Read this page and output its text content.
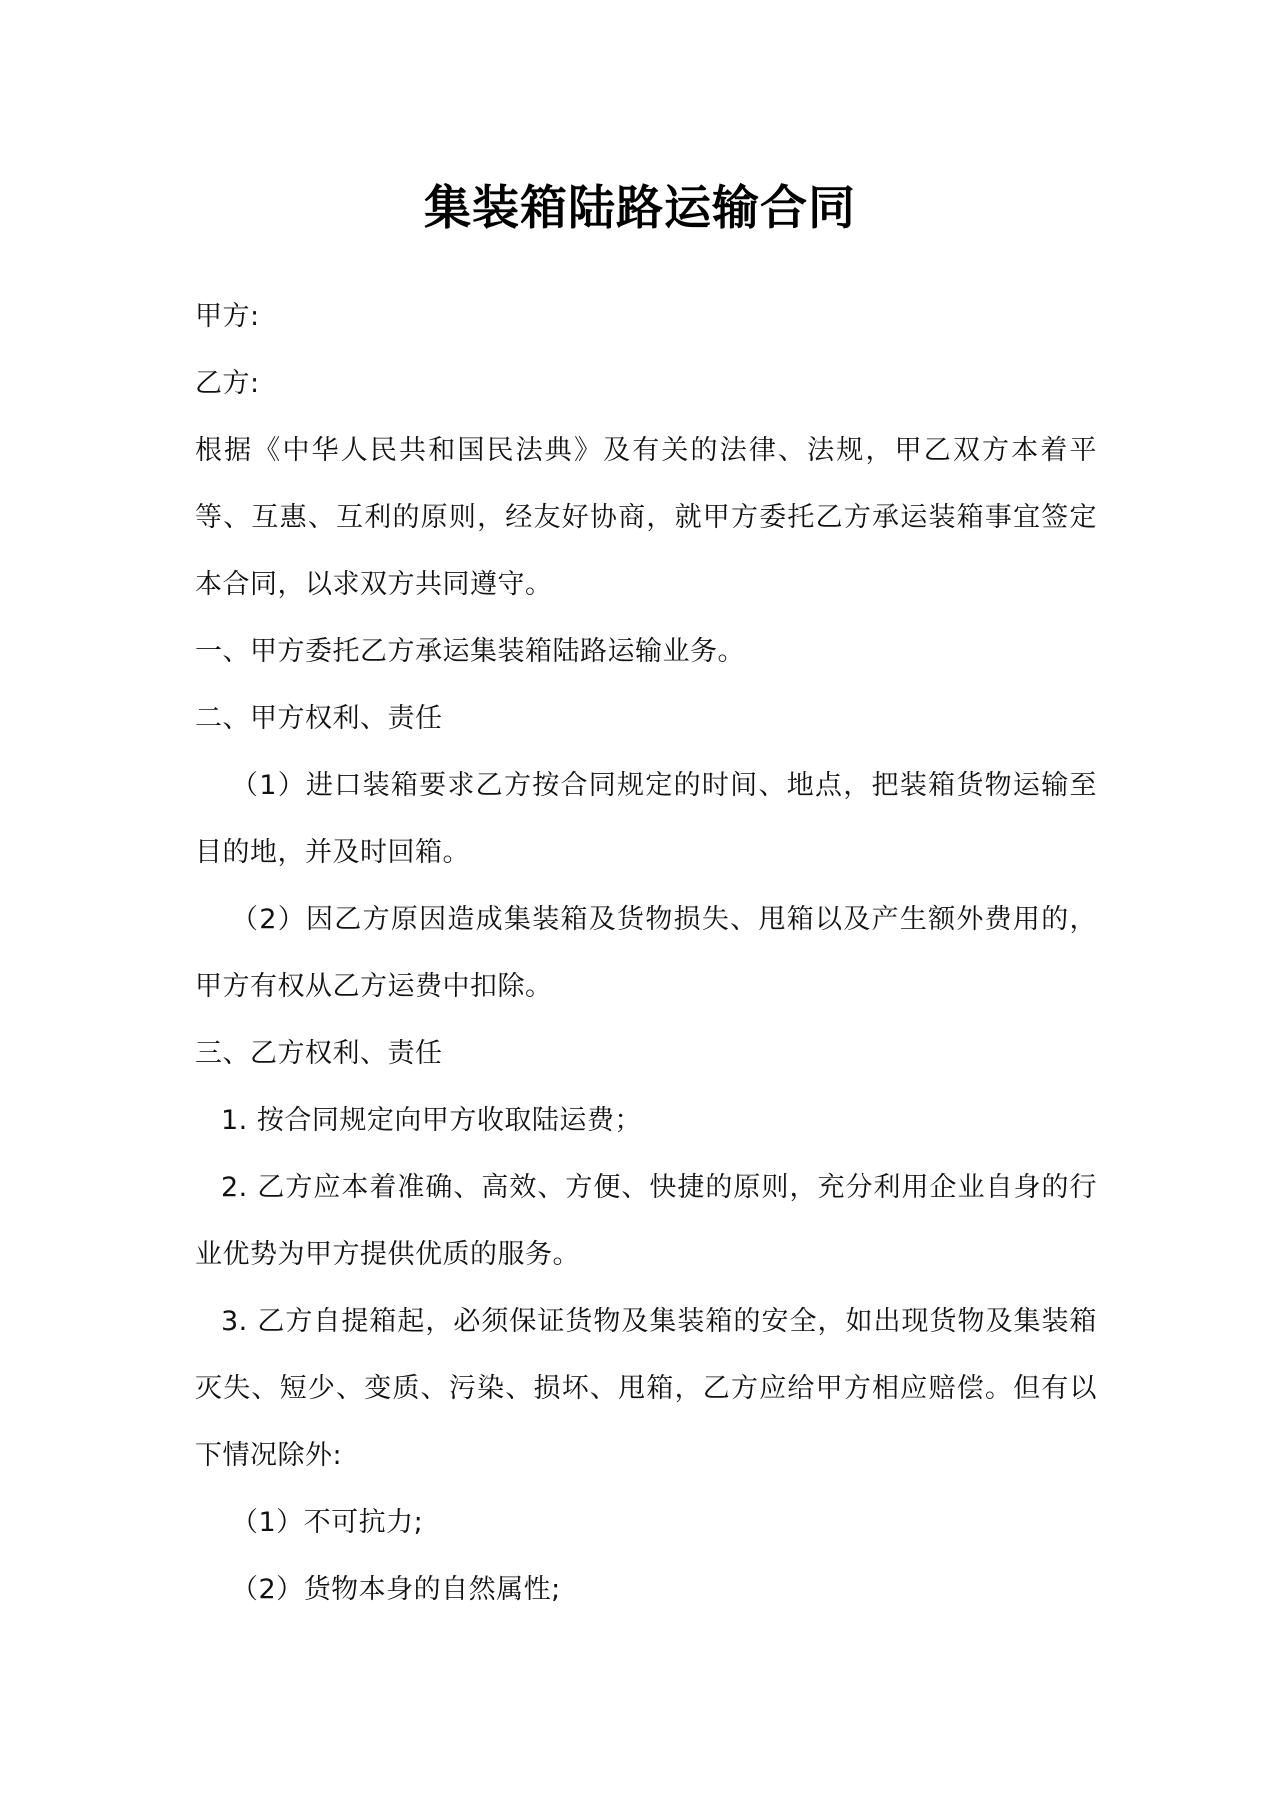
集装箱陆路运输合同

甲方:

乙方:

根据《中华人民共和国民法典》及有关的法律、法规，甲乙双方本着平等、互惠、互利的原则，经友好协商，就甲方委托乙方承运装箱事宜签定本合同，以求双方共同遵守。

一、甲方委托乙方承运集装箱陆路运输业务。

二、甲方权利、责任

（1）进口装箱要求乙方按合同规定的时间、地点，把装箱货物运输至目的地，并及时回箱。

（2）因乙方原因造成集装箱及货物损失、甩箱以及产生额外费用的，甲方有权从乙方运费中扣除。

三、乙方权利、责任

1. 按合同规定向甲方收取陆运费；

2. 乙方应本着准确、高效、方便、快捷的原则，充分利用企业自身的行业优势为甲方提供优质的服务。

3. 乙方自提箱起，必须保证货物及集装箱的安全，如出现货物及集装箱灭失、短少、变质、污染、损坏、甩箱，乙方应给甲方相应赔偿。但有以下情况除外:

（1）不可抗力;

（2）货物本身的自然属性;
